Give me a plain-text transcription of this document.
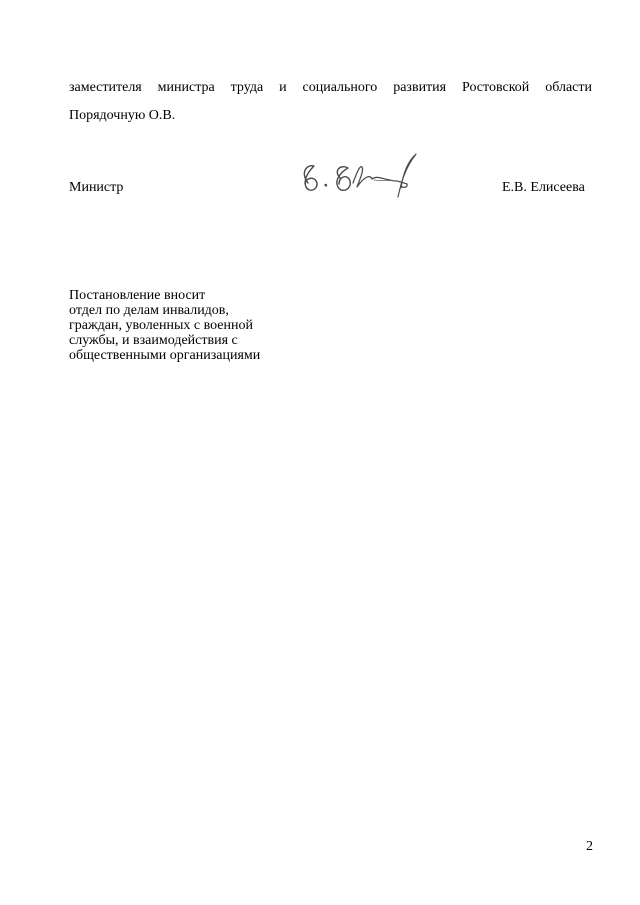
заместителя министра труда и социального развития Ростовской области
Порядочную О.В.
Министр	Е.В. Елисеева
Постановление вносит
отдел по делам инвалидов,
граждан, уволенных с военной
службы, и взаимодействия с
общественными организациями
2
